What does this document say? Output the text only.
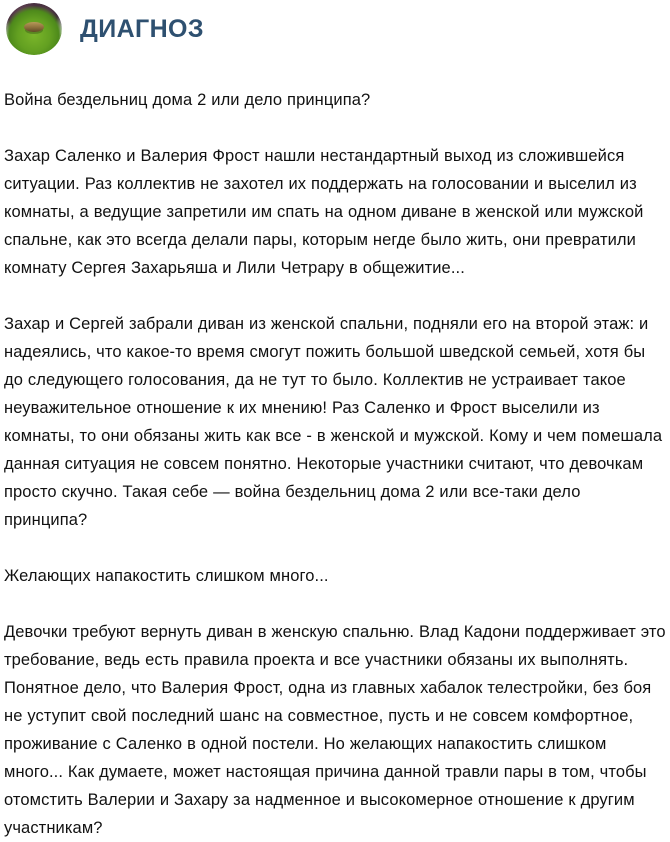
ДИАГНОЗ

Война бездельниц дома 2 или дело принципа?

Захар Саленко и Валерия Фрост нашли нестандартный выход из сложившейся ситуации. Раз коллектив не захотел их поддержать на голосовании и выселил из комнаты, а ведущие запретили им спать на одном диване в женской или мужской спальне, как это всегда делали пары, которым негде было жить, они превратили комнату Сергея Захарьяша и Лили Четрару в общежитие...

Захар и Сергей забрали диван из женской спальни, подняли его на второй этаж: и надеялись, что какое-то время смогут пожить большой шведской семьей, хотя бы до следующего голосования, да не тут то было. Коллектив не устраивает такое неуважительное отношение к их мнению! Раз Саленко и Фрост выселили из комнаты, то они обязаны жить как все - в женской и мужской. Кому и чем помешала данная ситуация не совсем понятно. Некоторые участники считают, что девочкам просто скучно. Такая себе — война бездельниц дома 2 или все-таки дело принципа?

Желающих напакостить слишком много...

Девочки требуют вернуть диван в женскую спальню. Влад Кадони поддерживает это требование, ведь есть правила проекта и все участники обязаны их выполнять. Понятное дело, что Валерия Фрост, одна из главных хабалок телестройки, без боя не уступит свой последний шанс на совместное, пусть и не совсем комфортное, проживание с Саленко в одной постели. Но желающих напакостить слишком много... Как думаете, может настоящая причина данной травли пары в том, чтобы отомстить Валерии и Захару за надменное и высокомерное отношение к другим участникам?
